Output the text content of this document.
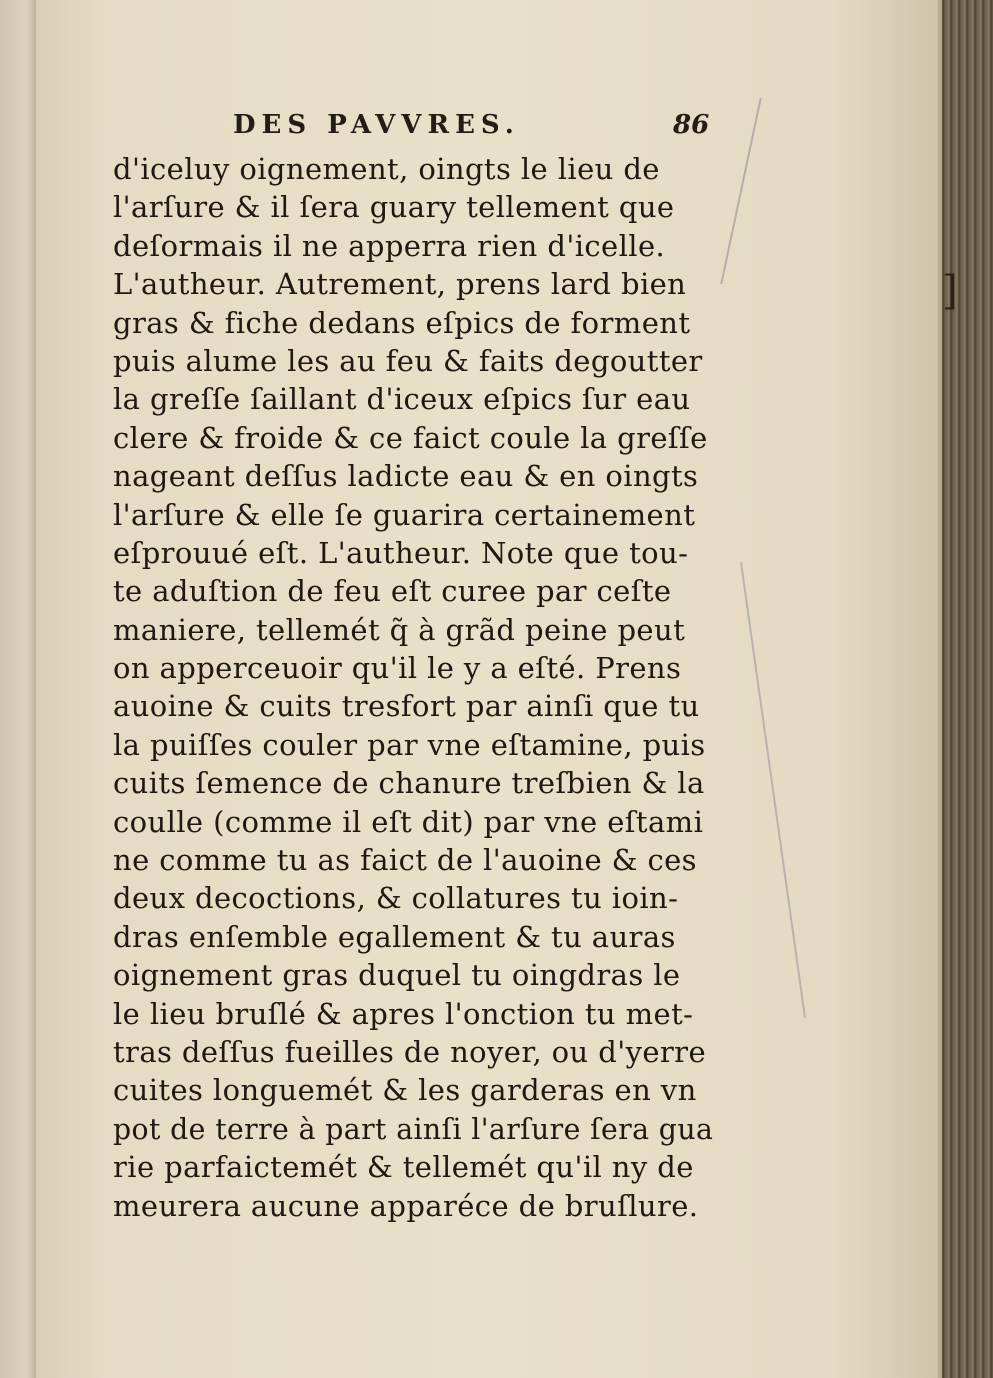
]
DES PAVVRES.	86
d'iceluy oignement, oingts le lieu de
l'arſure & il ſera guary tellement que
deſormais il ne apperra rien d'icelle.
L'autheur. Autrement, prens lard bien
gras & fiche dedans eſpics de forment
puis alume les au feu & faits degoutter
la greſſe ſaillant d'iceux eſpics ſur eau
clere & froide & ce faict coule la greſſe
nageant deſſus ladicte eau & en oingts
l'arſure & elle ſe guarira certainement
eſprouué eſt. L'autheur. Note que tou-
te aduſtion de feu eſt curee par ceſte
maniere, tellemét q̃ à grãd peine peut
on apperceuoir qu'il le y a eſté. Prens
auoine & cuits tresfort par ainſi que tu
la puiſſes couler par vne eſtamine, puis
cuits ſemence de chanure treſbien & la
coulle (comme il eſt dit) par vne eſtami
ne comme tu as faict de l'auoine & ces
deux decoctions, & collatures tu ioin-
dras enſemble egallement & tu auras
oignement gras duquel tu oingdras le
le lieu bruſlé & apres l'onction tu met-
tras deſſus fueilles de noyer, ou d'yerre
cuites longuemét & les garderas en vn
pot de terre à part ainſi l'arſure ſera gua
rie parfaictemét & tellemét qu'il ny de
meurera aucune apparéce de bruſlure.
